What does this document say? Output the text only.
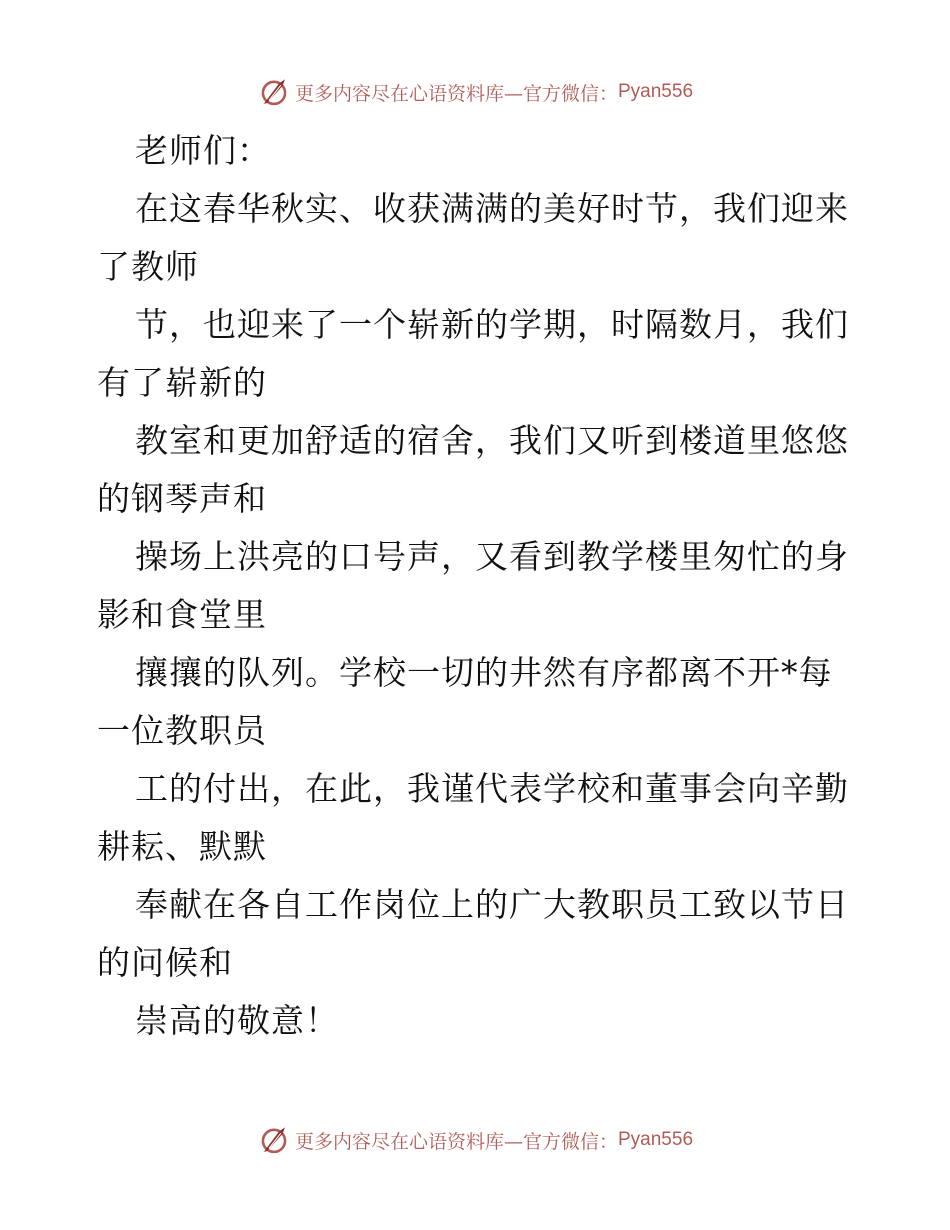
更多内容尽在心语资料库—官方微信： Pyan556
老师们：
在这春华秋实、收获满满的美好时节，我们迎来
了教师
节，也迎来了一个崭新的学期，时隔数月，我们
有了崭新的
教室和更加舒适的宿舍，我们又听到楼道里悠悠
的钢琴声和
操场上洪亮的口号声，又看到教学楼里匆忙的身
影和食堂里
攘攘的队列。学校一切的井然有序都离不开*每
一位教职员
工的付出，在此，我谨代表学校和董事会向辛勤
耕耘、默默
奉献在各自工作岗位上的广大教职员工致以节日
的问候和
崇高的敬意！
更多内容尽在心语资料库—官方微信： Pyan556
